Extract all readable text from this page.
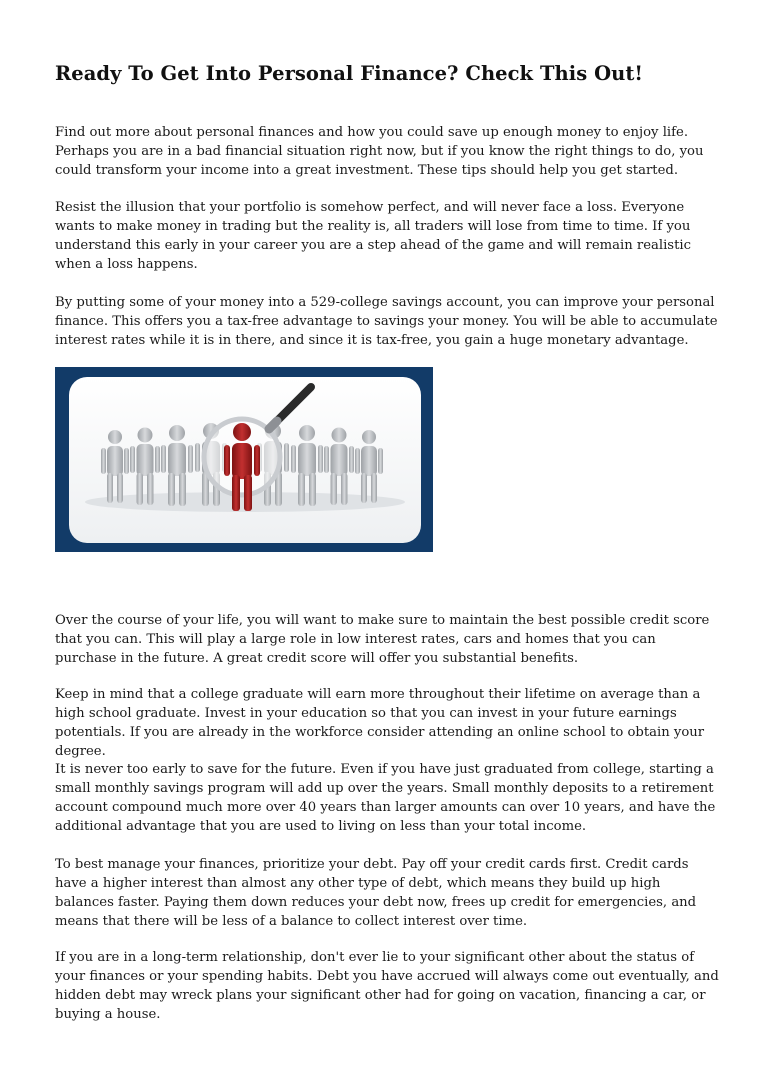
Ready To Get Into Personal Finance? Check This Out!

Find out more about personal finances and how you could save up enough money to enjoy life. Perhaps you are in a bad financial situation right now, but if you know the right things to do, you could transform your income into a great investment. These tips should help you get started.

Resist the illusion that your portfolio is somehow perfect, and will never face a loss. Everyone wants to make money in trading but the reality is, all traders will lose from time to time. If you understand this early in your career you are a step ahead of the game and will remain realistic when a loss happens.

By putting some of your money into a 529-college savings account, you can improve your personal finance. This offers you a tax-free advantage to savings your money. You will be able to accumulate interest rates while it is in there, and since it is tax-free, you gain a huge monetary advantage.

Over the course of your life, you will want to make sure to maintain the best possible credit score that you can. This will play a large role in low interest rates, cars and homes that you can purchase in the future. A great credit score will offer you substantial benefits.

Keep in mind that a college graduate will earn more throughout their lifetime on average than a high school graduate. Invest in your education so that you can invest in your future earnings potentials. If you are already in the workforce consider attending an online school to obtain your degree.

It is never too early to save for the future. Even if you have just graduated from college, starting a small monthly savings program will add up over the years. Small monthly deposits to a retirement account compound much more over 40 years than larger amounts can over 10 years, and have the additional advantage that you are used to living on less than your total income.

To best manage your finances, prioritize your debt. Pay off your credit cards first. Credit cards have a higher interest than almost any other type of debt, which means they build up high balances faster. Paying them down reduces your debt now, frees up credit for emergencies, and means that there will be less of a balance to collect interest over time.

If you are in a long-term relationship, don't ever lie to your significant other about the status of your finances or your spending habits. Debt you have accrued will always come out eventually, and hidden debt may wreck plans your significant other had for going on vacation, financing a car, or buying a house.
